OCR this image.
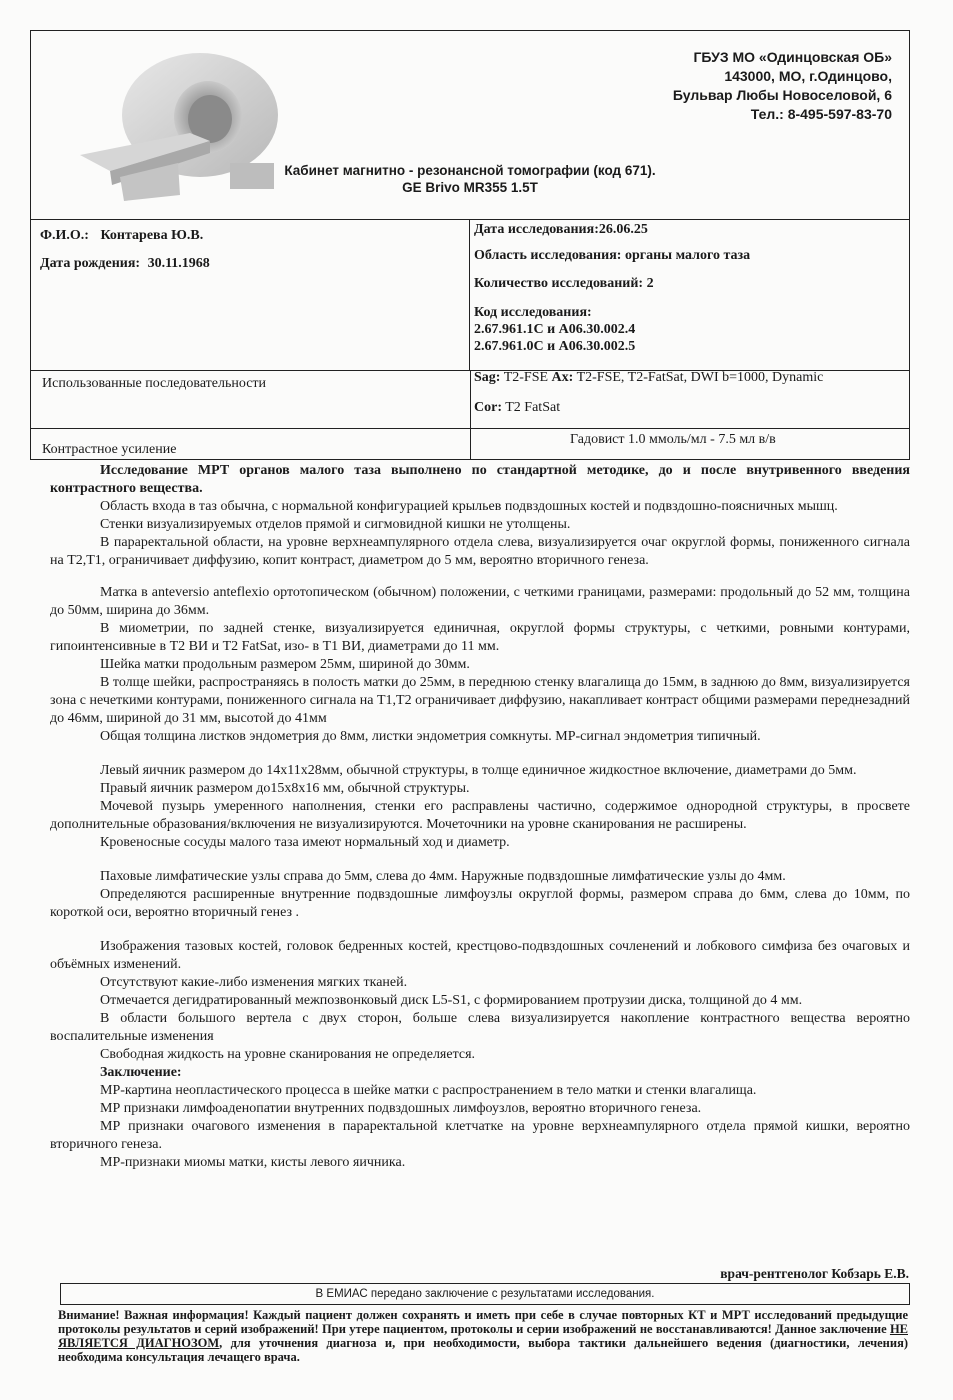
ГБУЗ МО «Одинцовская ОБ»
143000, МО, г.Одинцово,
Бульвар Любы Новоселовой, 6
Тел.: 8-495-597-83-70
Кабинет магнитно - резонансной томографии (код 671).
GE Brivo MR355 1.5T
Ф.И.О.: Контарева Ю.В.
Дата рождения: 30.11.1968
Дата исследования:26.06.25
Область исследования: органы малого таза
Количество исследований: 2
Код исследования:
2.67.961.1С и А06.30.002.4
2.67.961.0С и А06.30.002.5
Использованные последовательности	Sag: T2-FSE Ax: T2-FSE, T2-FatSat, DWI b=1000, Dynamic
Cor: T2 FatSat
Контрастное усиление
Гадовист 1.0 ммоль/мл - 7.5 мл в/в

Исследование МРТ органов малого таза выполнено по стандартной методике, до и после внутривенного введения контрастного вещества.

Область входа в таз обычна, с нормальной конфигурацией крыльев подвздошных костей и подвздошно-поясничных мышц.

Стенки визуализируемых отделов прямой и сигмовидной кишки не утолщены.

В параректальной области, на уровне верхнеампулярного отдела слева, визуализируется очаг округлой формы, пониженного сигнала на T2,T1, ограничивает диффузию, копит контраст, диаметром до 5 мм, вероятно вторичного генеза.

Матка в anteversio anteflexio ортотопическом (обычном) положении, с четкими границами, размерами: продольный до 52 мм, толщина до 50мм, ширина до 36мм.

В миометрии, по задней стенке, визуализируется единичная, округлой формы структуры, с четкими, ровными контурами, гипоинтенсивные в T2 ВИ и T2 FatSat, изо- в T1 ВИ, диаметрами до 11 мм.

Шейка матки продольным размером 25мм, шириной до 30мм.

В толще шейки, распространяясь в полость матки до 25мм, в переднюю стенку влагалища до 15мм, в заднюю до 8мм, визуализируется зона с нечеткими контурами, пониженного сигнала на T1,T2 ограничивает диффузию, накапливает контраст общими размерами переднезадний до 46мм, шириной до 31 мм, высотой до 41мм

Общая толщина листков эндометрия до 8мм, листки эндометрия сомкнуты. МР-сигнал эндометрия типичный.

Левый яичник размером до 14х11х28мм, обычной структуры, в толще единичное жидкостное включение, диаметрами до 5мм.

Правый яичник размером до15х8х16 мм, обычной структуры.

Мочевой пузырь умеренного наполнения, стенки его расправлены частично, содержимое однородной структуры, в просвете дополнительные образования/включения не визуализируются. Мочеточники на уровне сканирования не расширены.

Кровеносные сосуды малого таза имеют нормальный ход и диаметр.

Паховые лимфатические узлы справа до 5мм, слева до 4мм. Наружные подвздошные лимфатические узлы до 4мм.

Определяются расширенные внутренние подвздошные лимфоузлы округлой формы, размером справа до 6мм, слева до 10мм, по короткой оси, вероятно вторичный генез .

Изображения тазовых костей, головок бедренных костей, крестцово-подвздошных сочленений и лобкового симфиза без очаговых и объёмных изменений.

Отсутствуют какие-либо изменения мягких тканей.

Отмечается дегидратированный межпозвонковый диск L5-S1, с формированием протрузии диска, толщиной до 4 мм.

В области большого вертела с двух сторон, больше слева визуализируется накопление контрастного вещества вероятно воспалительные изменения

Свободная жидкость на уровне сканирования не определяется.

Заключение:

МР-картина неопластического процесса в шейке матки с распространением в тело матки и стенки влагалища.

МР признаки лимфоаденопатии внутренних подвздошных лимфоузлов, вероятно вторичного генеза.

МР признаки очагового изменения в параректальной клетчатке на уровне верхнеампулярного отдела прямой кишки, вероятно вторичного генеза.

МР-признаки миомы матки, кисты левого яичника.

врач-рентгенолог Кобзарь Е.В.
В ЕМИАС передано заключение с результатами исследования.
Внимание! Важная информация! Каждый пациент должен сохранять и иметь при себе в случае повторных КТ и МРТ исследований предыдущие протоколы результатов и серий изображений! При утере пациентом, протоколы и серии изображений не восстанавливаются! Данное заключение НЕ ЯВЛЯЕТСЯ ДИАГНОЗОМ, для уточнения диагноза и, при необходимости, выбора тактики дальнейшего ведения (диагностики, лечения) необходима консультация лечащего врача.
